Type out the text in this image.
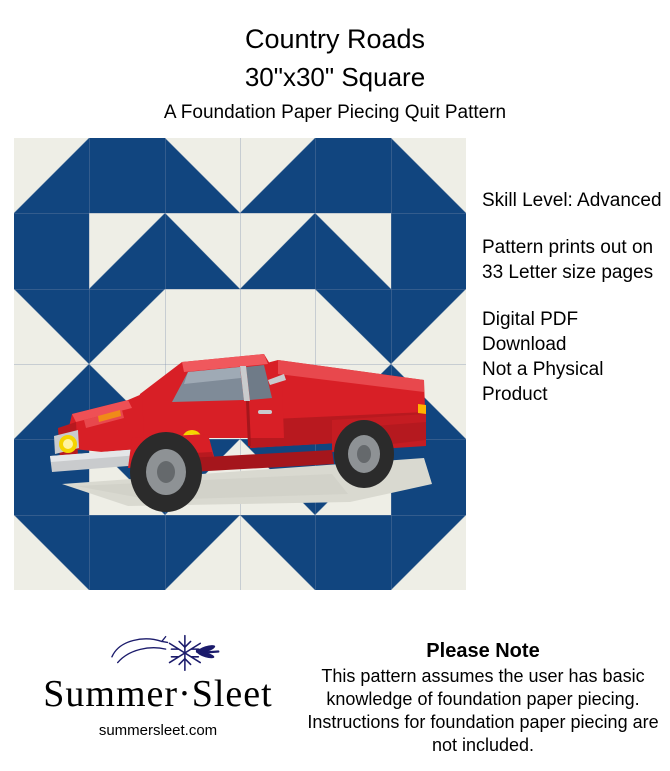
Country Roads
30"x30" Square
A Foundation Paper Piecing Quit Pattern

Skill Level: Advanced

Pattern prints out on 33 Letter size pages

Digital PDF Download

Not a Physical Product

Summer·Sleet
summersleet.com
Please Note
This pattern assumes the user has basic knowledge of foundation paper piecing. Instructions for foundation paper piecing are not included.
